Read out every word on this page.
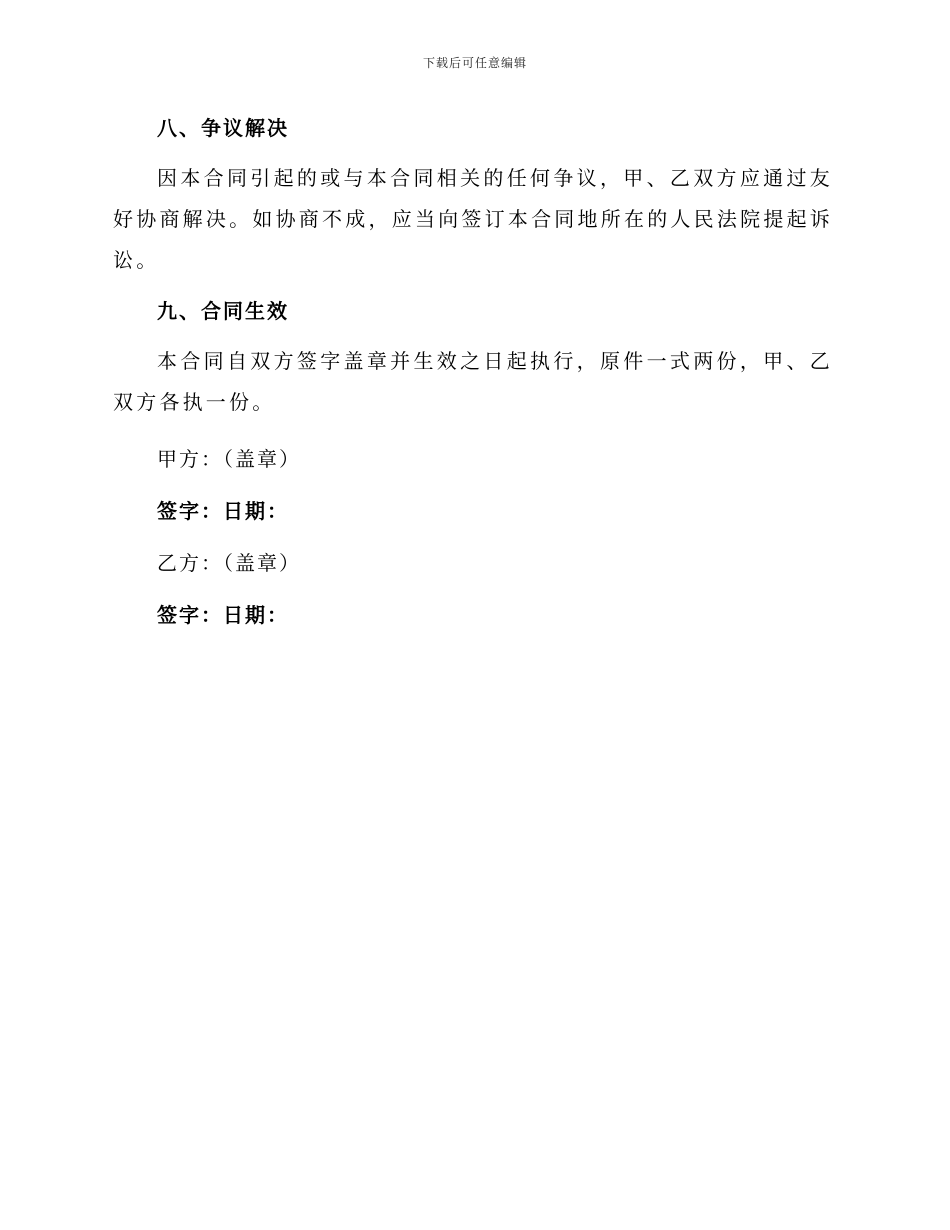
下载后可任意编辑
八、争议解决

因本合同引起的或与本合同相关的任何争议，甲、乙双方应通过友好协商解决。如协商不成，应当向签订本合同地所在的人民法院提起诉讼。

九、合同生效

本合同自双方签字盖章并生效之日起执行，原件一式两份，甲、乙双方各执一份。

甲方：（盖章）

签字：日期：

乙方：（盖章）

签字：日期：
